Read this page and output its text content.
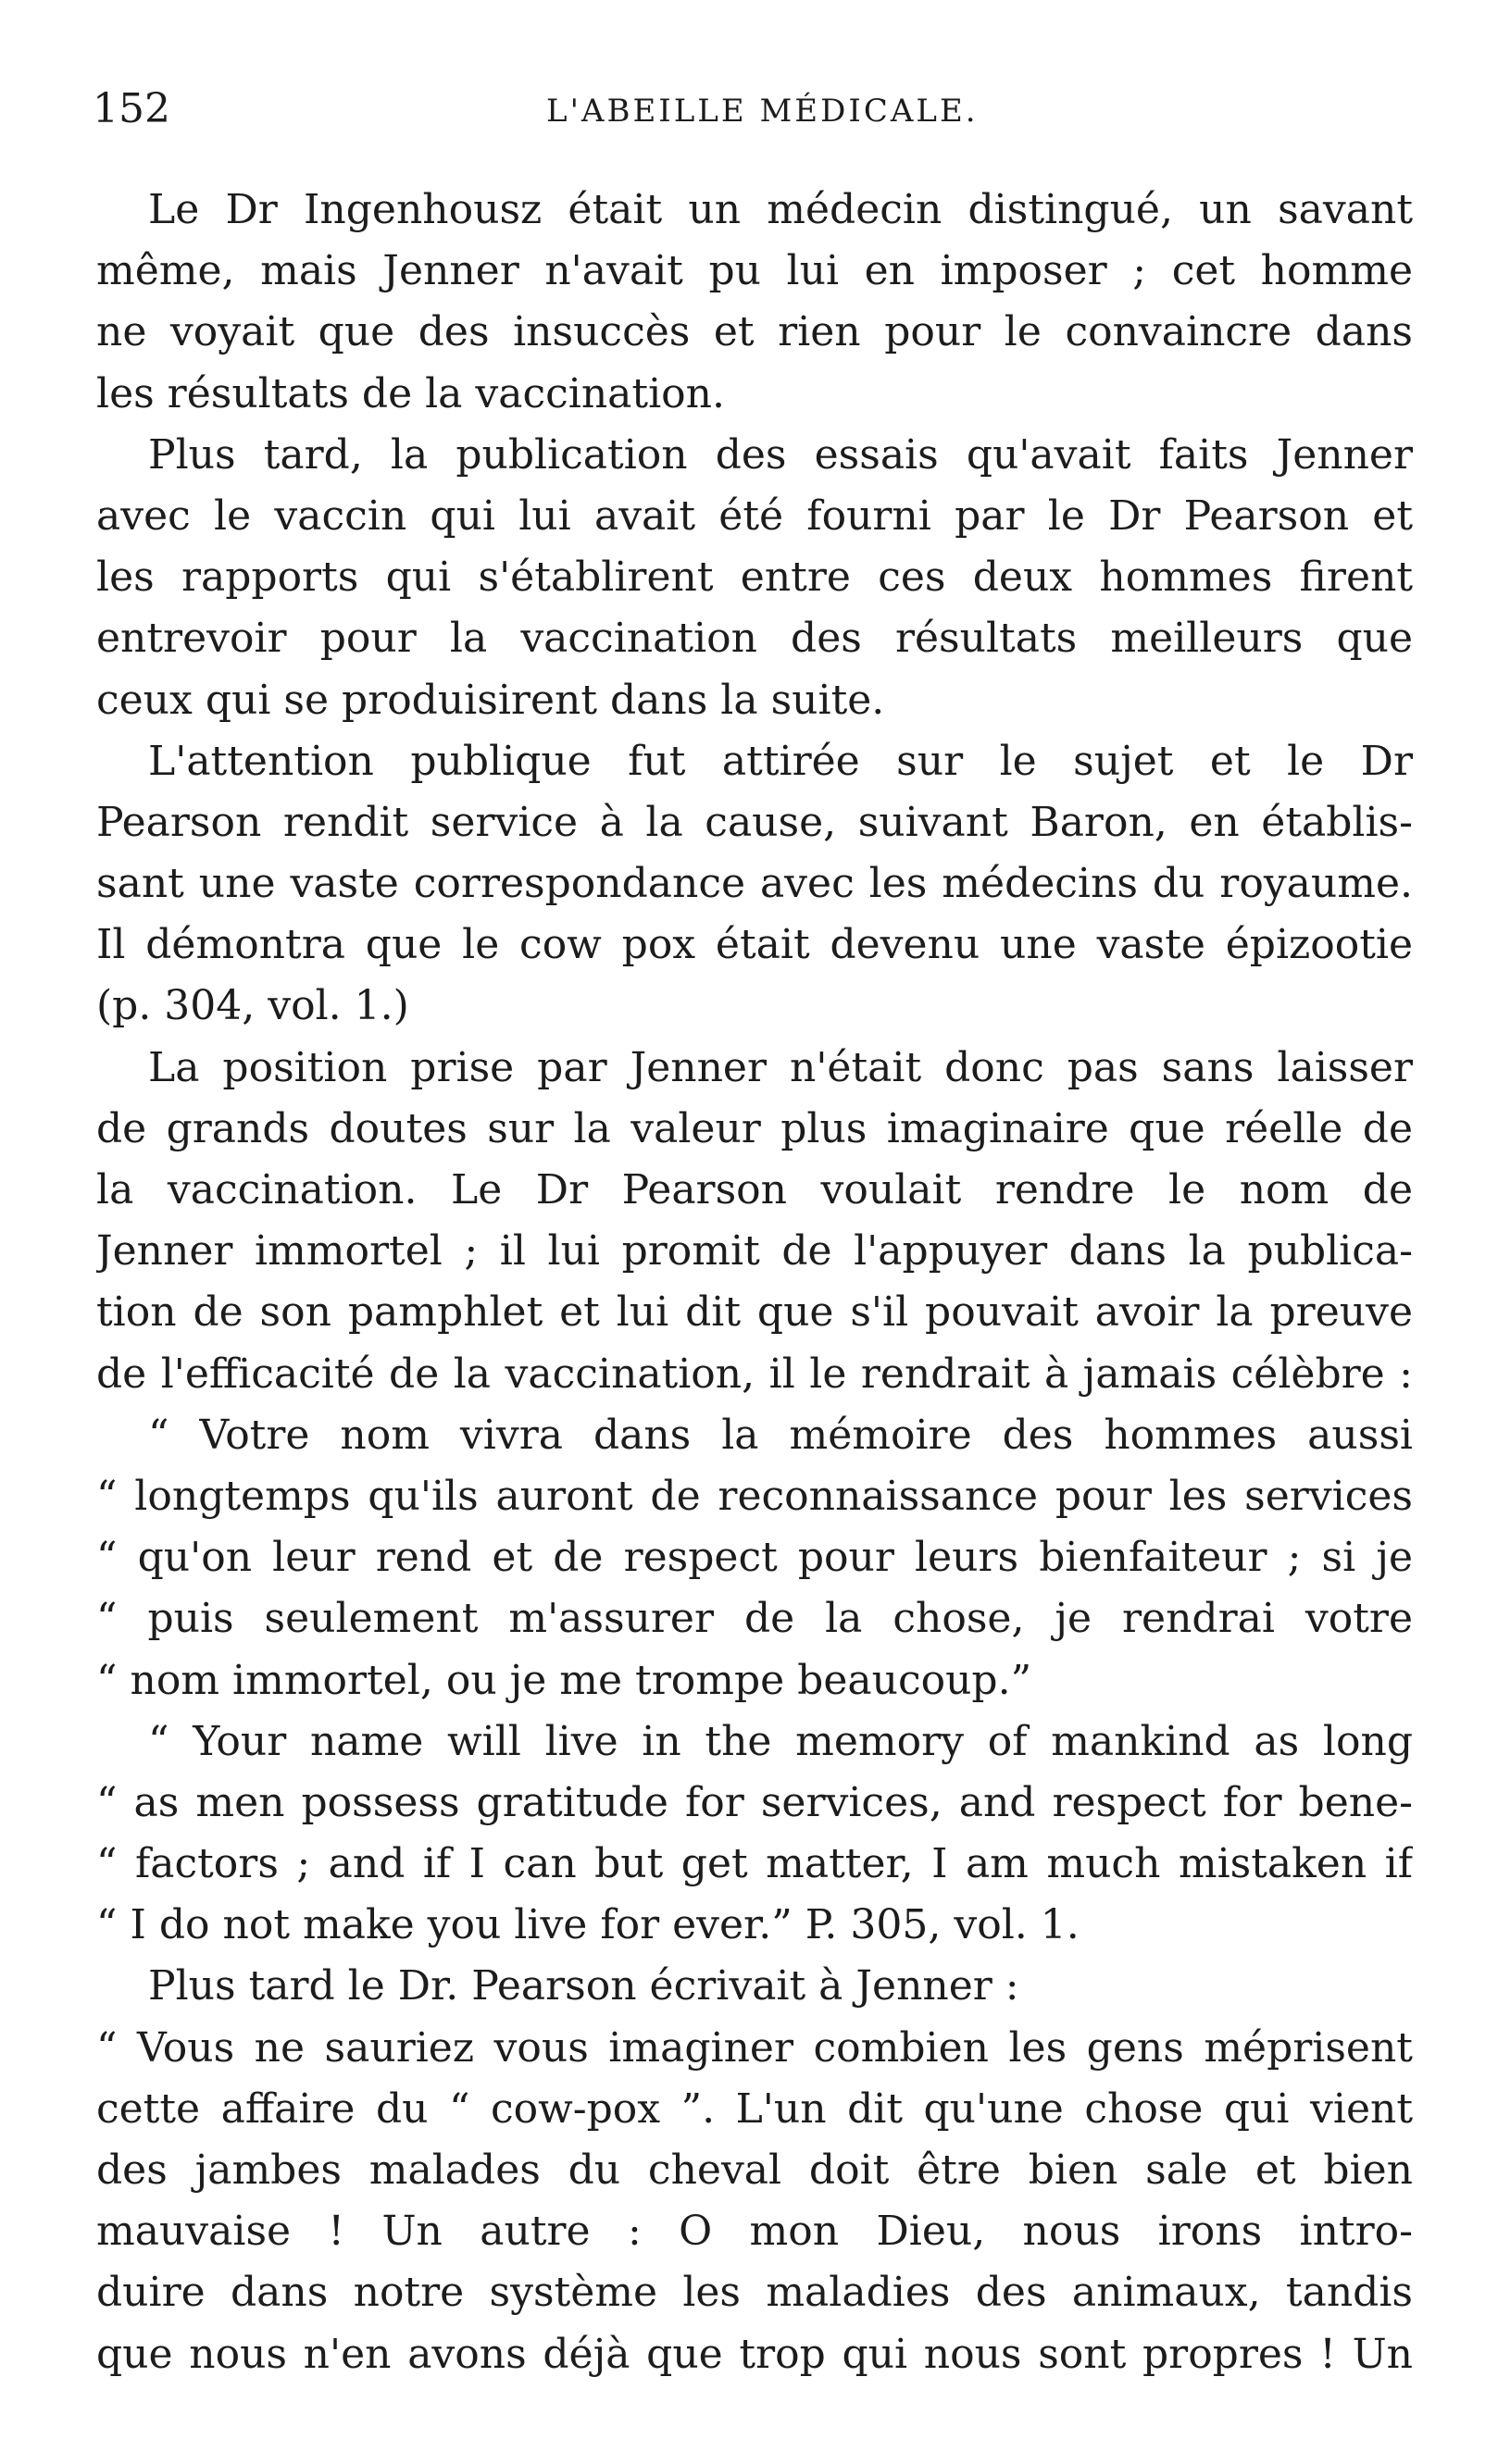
152	L'ABEILLE MÉDICALE.
Le Dr Ingenhousz était un médecin distingué, un savant
même, mais Jenner n'avait pu lui en imposer ; cet homme
ne voyait que des insuccès et rien pour le convaincre dans
les résultats de la vaccination.
Plus tard, la publication des essais qu'avait faits Jenner
avec le vaccin qui lui avait été fourni par le Dr Pearson et
les rapports qui s'établirent entre ces deux hommes firent
entrevoir pour la vaccination des résultats meilleurs que
ceux qui se produisirent dans la suite.
L'attention publique fut attirée sur le sujet et le Dr
Pearson rendit service à la cause, suivant Baron, en établis-
sant une vaste correspondance avec les médecins du royaume.
Il démontra que le cow pox était devenu une vaste épizootie
(p. 304, vol. 1.)
La position prise par Jenner n'était donc pas sans laisser
de grands doutes sur la valeur plus imaginaire que réelle de
la vaccination. Le Dr Pearson voulait rendre le nom de
Jenner immortel ; il lui promit de l'appuyer dans la publica-
tion de son pamphlet et lui dit que s'il pouvait avoir la preuve
de l'efficacité de la vaccination, il le rendrait à jamais célèbre :
“ Votre nom vivra dans la mémoire des hommes aussi
“ longtemps qu'ils auront de reconnaissance pour les services
“ qu'on leur rend et de respect pour leurs bienfaiteur ; si je
“ puis seulement m'assurer de la chose, je rendrai votre
“ nom immortel, ou je me trompe beaucoup.”
“ Your name will live in the memory of mankind as long
“ as men possess gratitude for services, and respect for bene-
“ factors ; and if I can but get matter, I am much mistaken if
“ I do not make you live for ever.” P. 305, vol. 1.
Plus tard le Dr. Pearson écrivait à Jenner :
“ Vous ne sauriez vous imaginer combien les gens méprisent
cette affaire du “ cow-pox ”. L'un dit qu'une chose qui vient
des jambes malades du cheval doit être bien sale et bien
mauvaise ! Un autre : O mon Dieu, nous irons intro-
duire dans notre système les maladies des animaux, tandis
que nous n'en avons déjà que trop qui nous sont propres ! Un
